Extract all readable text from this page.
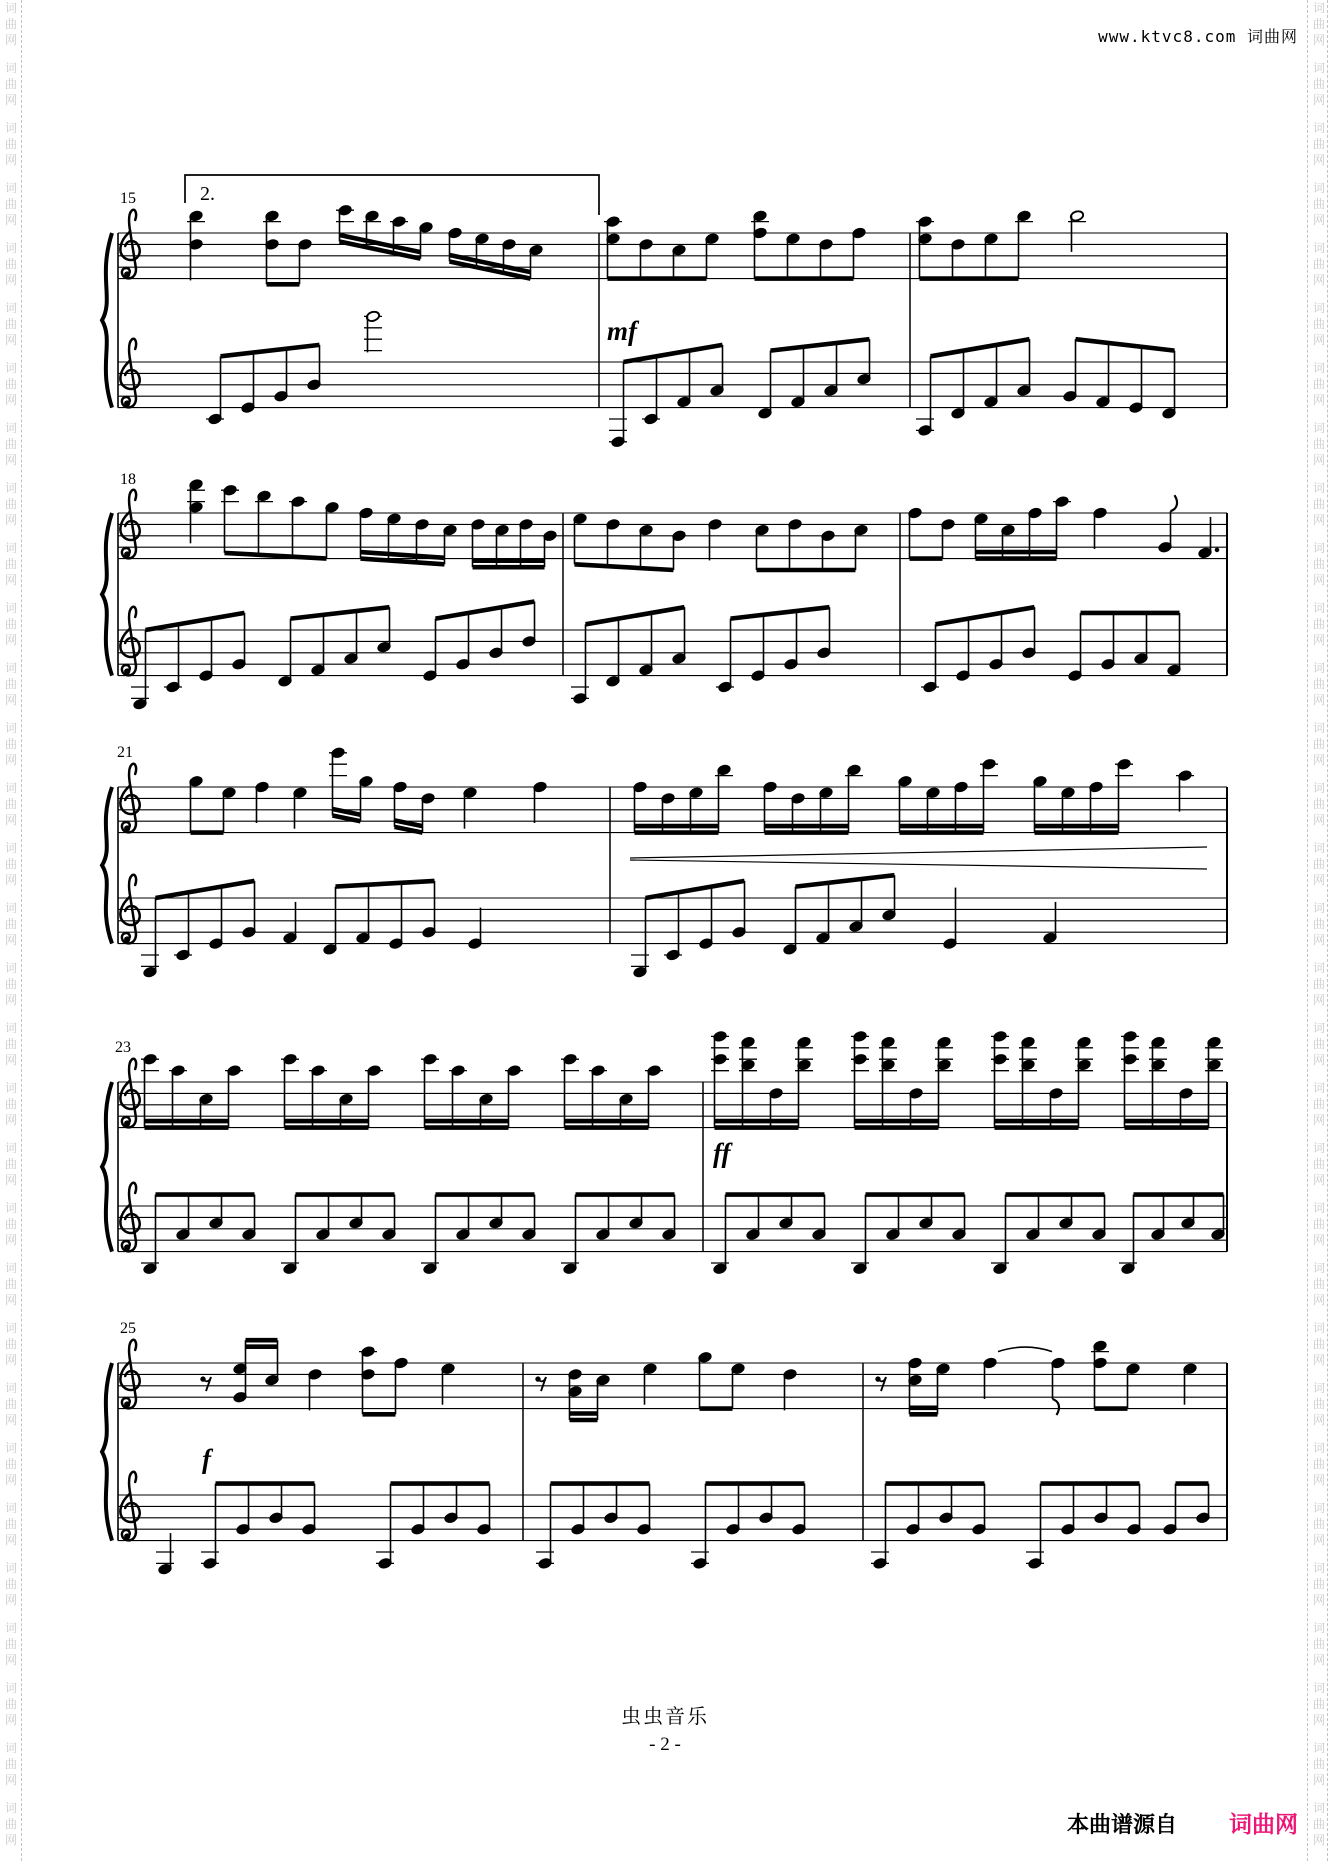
词
曲
网
词
曲
网
词
曲
网
词
曲
网
词
曲
网
词
曲
网
词
曲
网
词
曲
网
词
曲
网
词
曲
网
词
曲
网
词
曲
网
词
曲
网
词
曲
网
词
曲
网
词
曲
网
词
曲
网
词
曲
网
词
曲
网
词
曲
网
词
曲
网
词
曲
网
词
曲
网
词
曲
网
词
曲
网
词
曲
网
词
曲
网
词
曲
网
词
曲
网
词
曲
网
词
曲
网
词
曲
网
词
曲
网
词
曲
网
词
曲
网
词
曲
网
词
曲
网
词
曲
网
词
曲
网
词
曲
网
词
曲
网
词
曲
网
词
曲
网
词
曲
网
词
曲
网
词
曲
网
词
曲
网
词
曲
网
词
曲
网
词
曲
网
词
曲
网
词
曲
网
词
曲
网
词
曲
网
词
曲
网
词
曲
网
词
曲
网
词
曲
网
词
曲
网
词
曲
网
词
曲
网
词
曲
网
www.ktvc8.com 词曲网
2.
15
mf
18
21
23
ff
25
f
虫虫音乐
- 2 -
本曲谱源自 词曲网
